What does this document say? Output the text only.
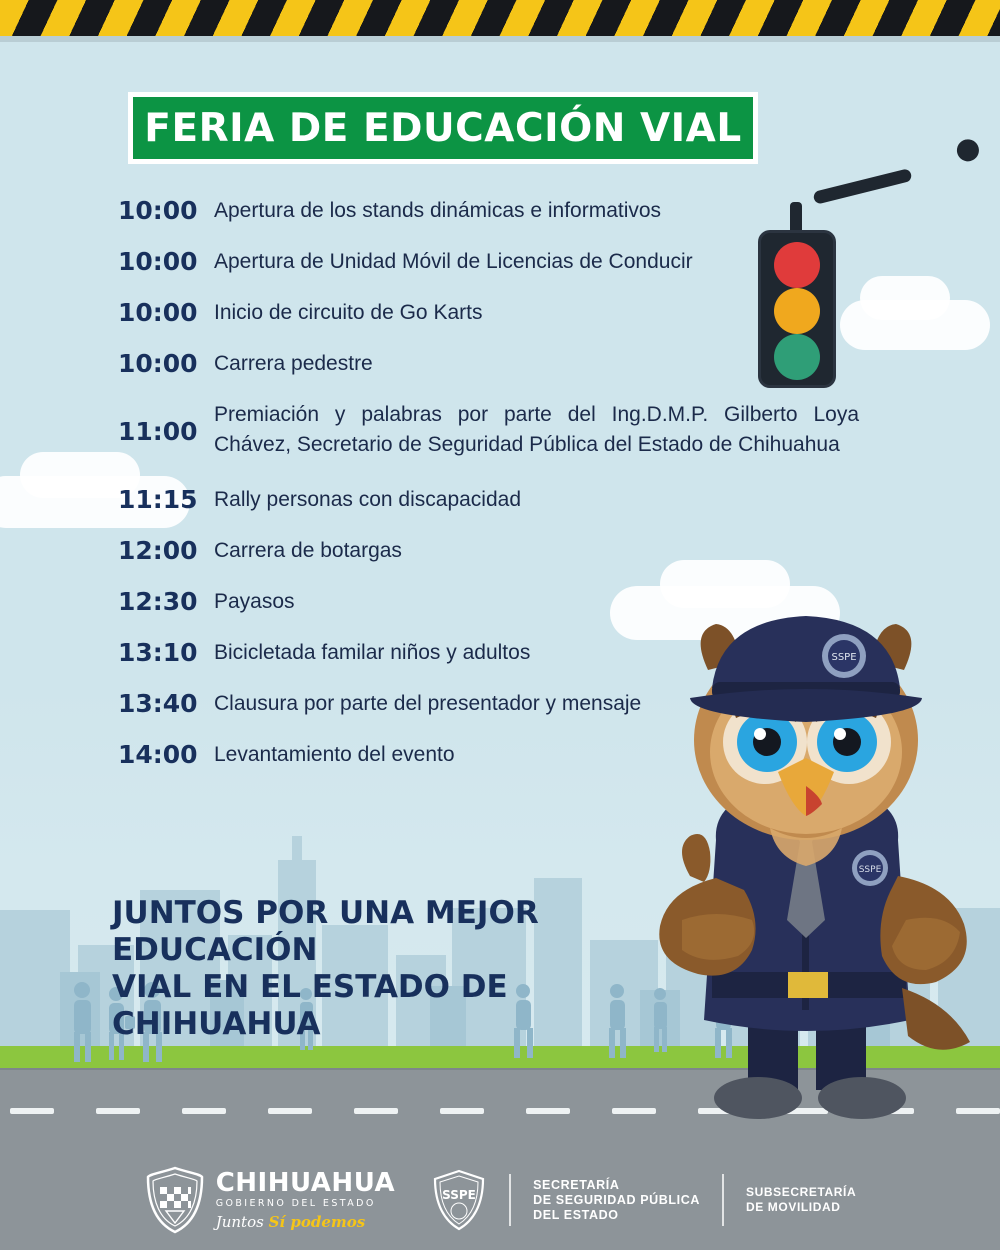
FERIA DE EDUCACIÓN VIAL
10:00 Apertura de los stands dinámicas e informativos
10:00 Apertura de Unidad Móvil de Licencias de Conducir
10:00 Inicio de circuito de Go Karts
10:00 Carrera pedestre
11:00
Premiación y palabras por parte del Ing.D.M.P. Gilberto Loya Chávez, Secretario de Seguridad Pública del Estado de Chihuahua
11:15 Rally personas con discapacidad
12:00 Carrera de botargas
12:30 Payasos
13:10 Bicicletada familar niños y adultos
13:40 Clausura por parte del presentador y mensaje
14:00 Levantamiento del evento
JUNTOS POR UNA MEJOR EDUCACIÓN
VIAL EN EL ESTADO DE CHIHUAHUA
SSPE
SSPE
CHIHUAHUA
GOBIERNO DEL ESTADO
Juntos Sí podemos
SSPE
SECRETARÍA
DE SEGURIDAD PÚBLICA
DEL ESTADO
SUBSECRETARÍA
DE MOVILIDAD
